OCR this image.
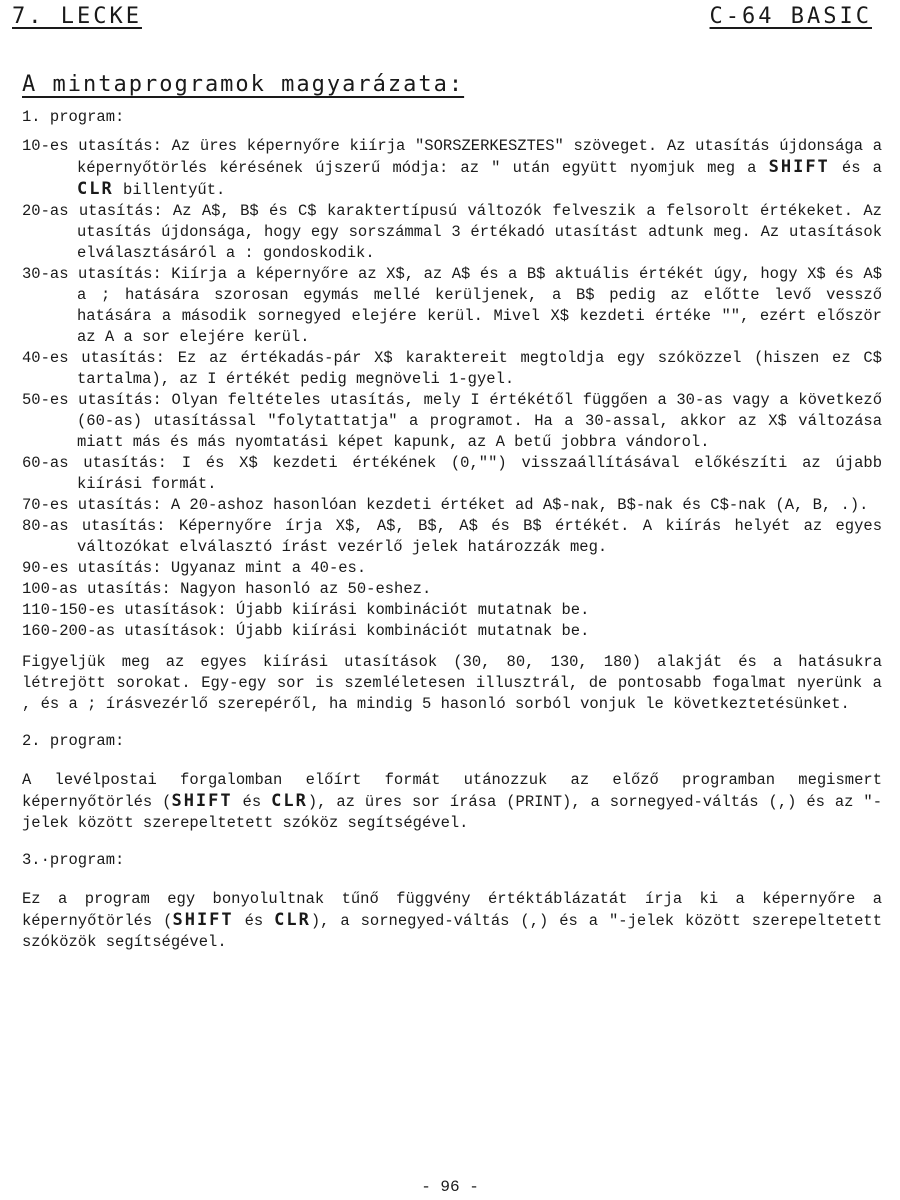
7. LECKE	C-64 BASIC
A mintaprogramok magyarázata:

1. program:

10-es utasítás: Az üres képernyőre kiírja "SORSZERKESZTES" szöveget. Az utasítás újdonsága a képernyőtörlés kérésének újszerű módja: az " után együtt nyomjuk meg a SHIFT és a CLR billentyűt.

20-as utasítás: Az A$, B$ és C$ karaktertípusú változók felveszik a felsorolt értékeket. Az utasítás újdonsága, hogy egy sorszámmal 3 értékadó utasítást adtunk meg. Az utasítások elválasztásáról a : gondoskodik.

30-as utasítás: Kiírja a képernyőre az X$, az A$ és a B$ aktuális értékét úgy, hogy X$ és A$ a ; hatására szorosan egymás mellé kerüljenek, a B$ pedig az előtte levő vessző hatására a második sornegyed elejére kerül. Mivel X$ kezdeti értéke "", ezért először az A a sor elejére kerül.

40-es utasítás: Ez az értékadás-pár X$ karaktereit megtoldja egy szóközzel (hiszen ez C$ tartalma), az I értékét pedig megnöveli 1-gyel.

50-es utasítás: Olyan feltételes utasítás, mely I értékétől függően a 30-as vagy a következő (60-as) utasítással "folytattatja" a programot. Ha a 30-assal, akkor az X$ változása miatt más és más nyomtatási képet kapunk, az A betű jobbra vándorol.

60-as utasítás: I és X$ kezdeti értékének (0,"") visszaállításával előkészíti az újabb kiírási formát.

70-es utasítás: A 20-ashoz hasonlóan kezdeti értéket ad A$-nak, B$-nak és C$-nak (A, B, .).

80-as utasítás: Képernyőre írja X$, A$, B$, A$ és B$ értékét. A kiírás helyét az egyes változókat elválasztó írást vezérlő jelek határozzák meg.

90-es utasítás: Ugyanaz mint a 40-es.

100-as utasítás: Nagyon hasonló az 50-eshez.

110-150-es utasítások: Újabb kiírási kombinációt mutatnak be.

160-200-as utasítások: Újabb kiírási kombinációt mutatnak be.

Figyeljük meg az egyes kiírási utasítások (30, 80, 130, 180) alakját és a hatásukra létrejött sorokat. Egy-egy sor is szemléletesen illusztrál, de pontosabb fogalmat nyerünk a , és a ; írásvezérlő szerepéről, ha mindig 5 hasonló sorból vonjuk le következtetésünket.

2. program:

A levélpostai forgalomban előírt formát utánozzuk az előző programban megismert képernyőtörlés (SHIFT és CLR), az üres sor írása (PRINT), a sornegyed-váltás (,) és az "-jelek között szerepeltetett szóköz segítségével.

3.·program:

Ez a program egy bonyolultnak tűnő függvény értéktáblázatát írja ki a képernyőre a képernyőtörlés (SHIFT és CLR), a sornegyed-váltás (,) és a "-jelek között szerepeltetett szóközök segítségével.

- 96 -
